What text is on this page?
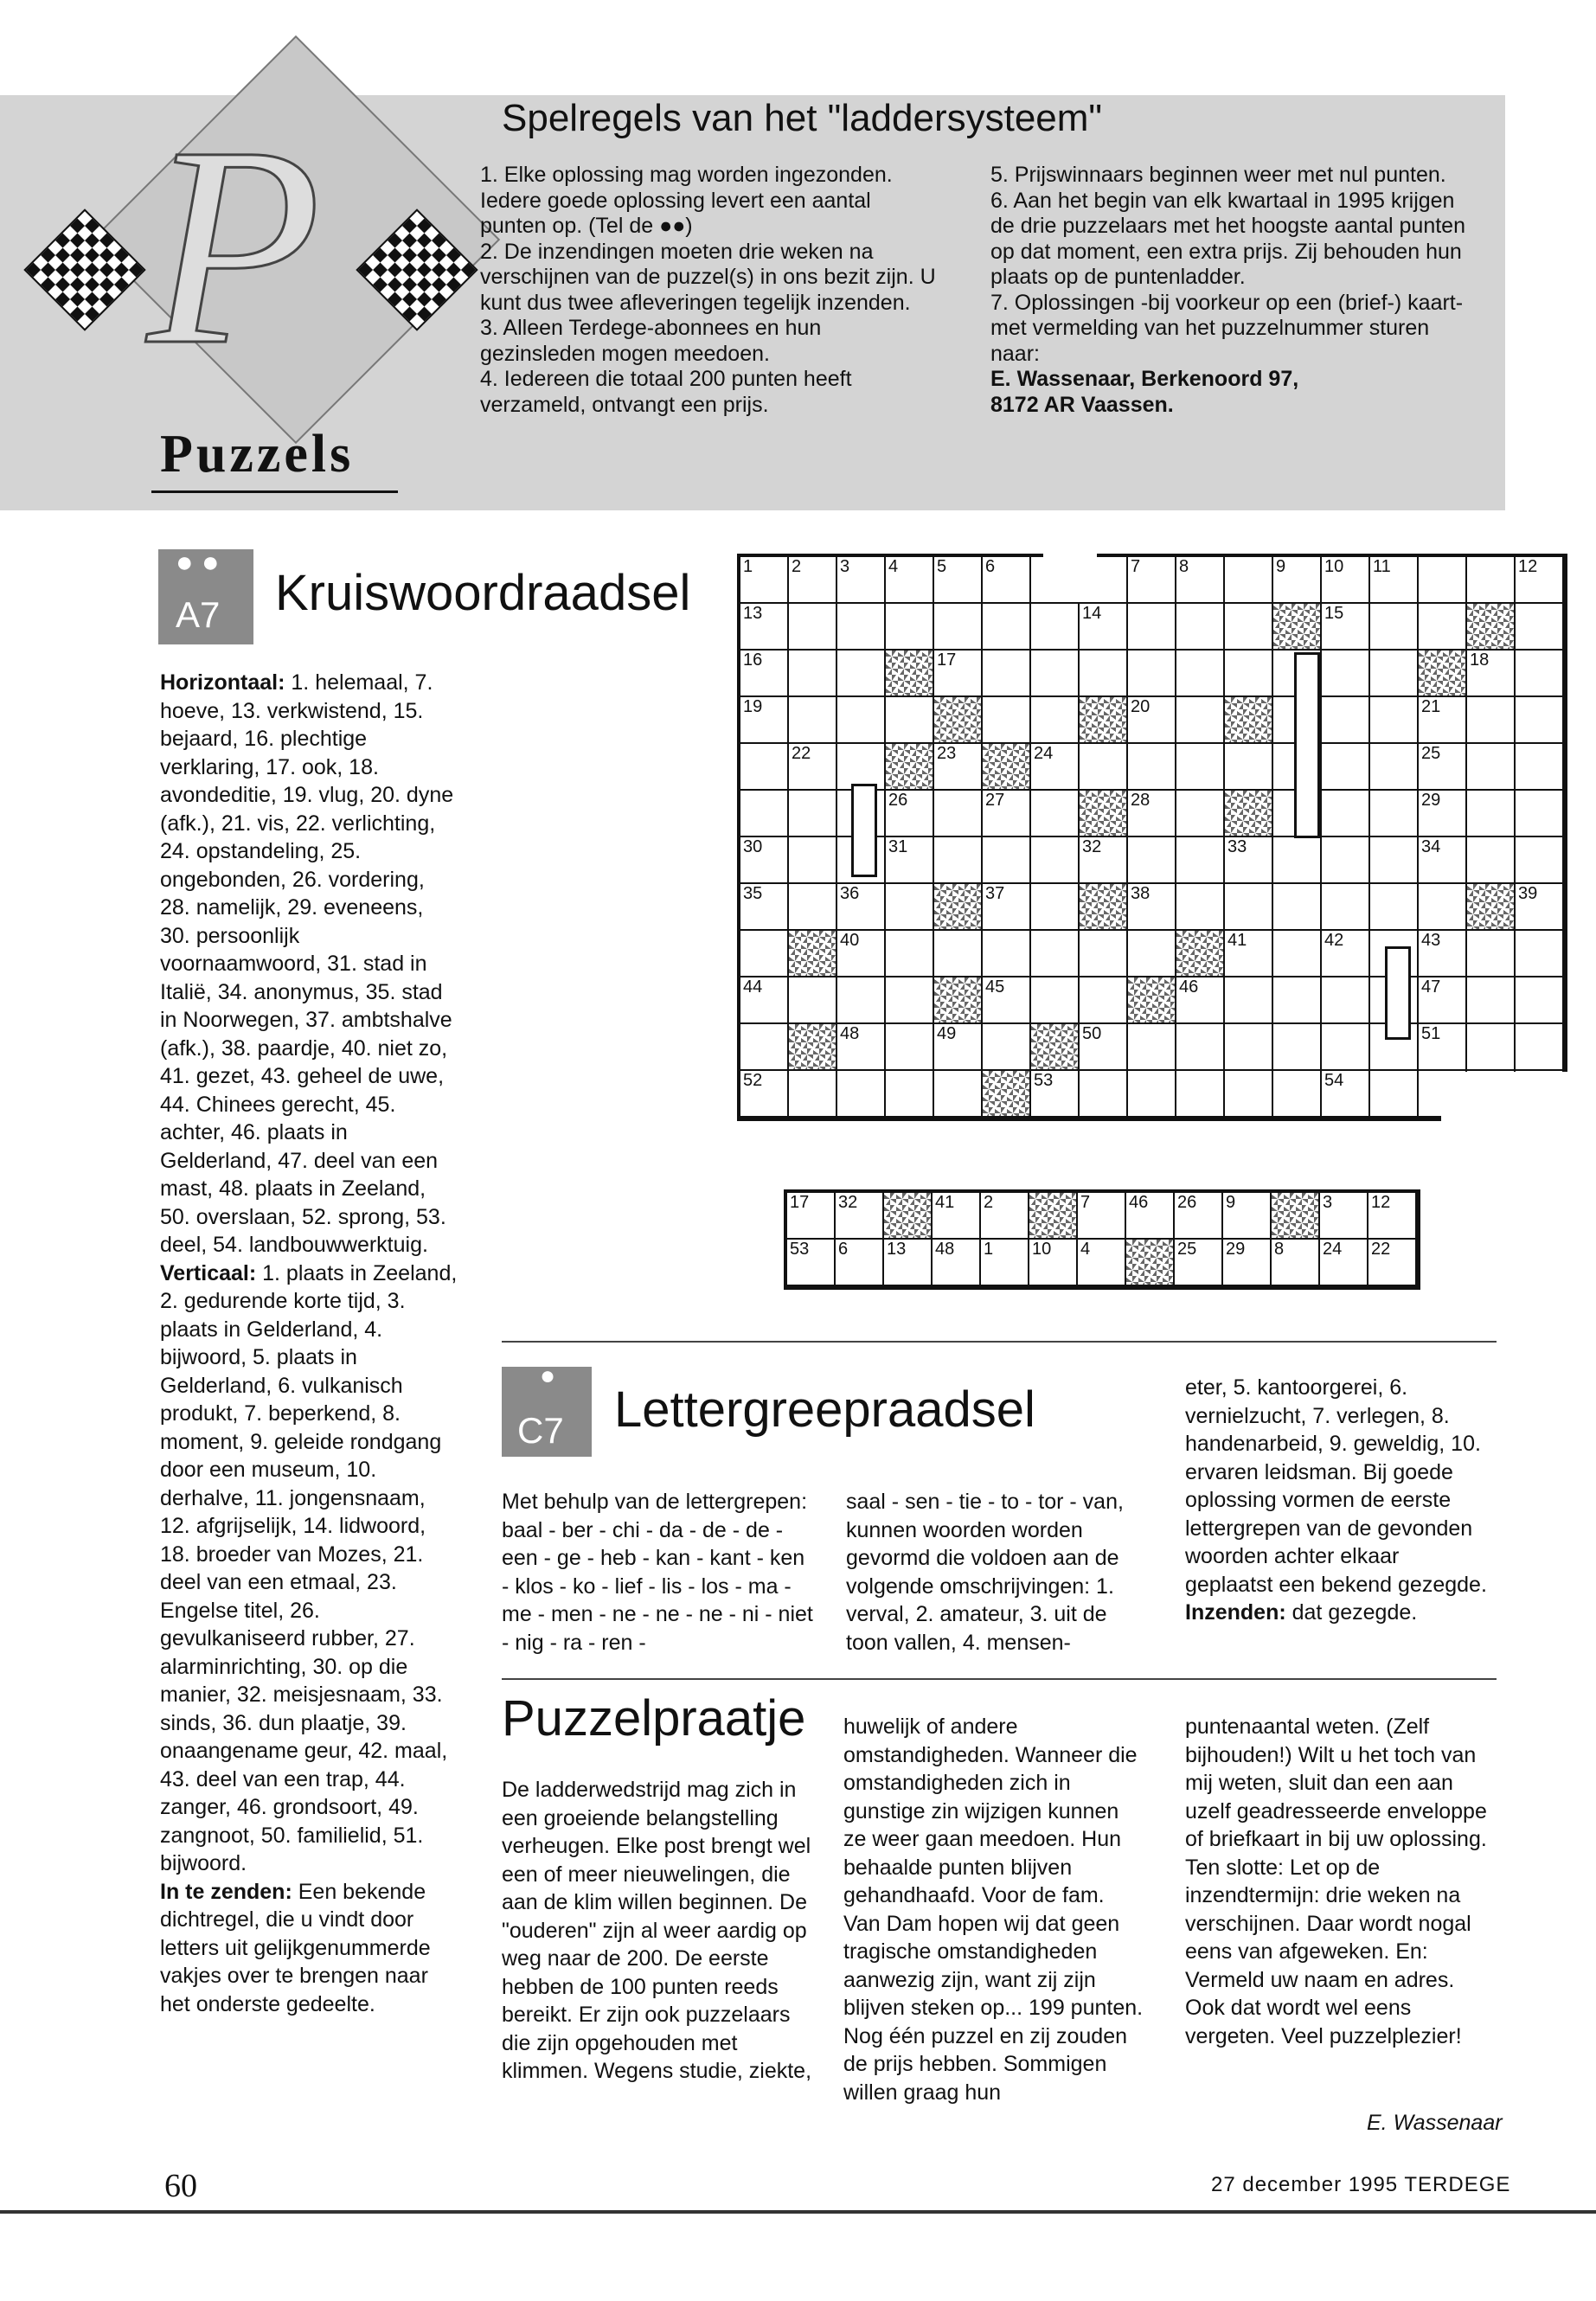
P
Puzzels
Spelregels van het "laddersysteem"

1. Elke oplossing mag worden ingezonden. Iedere goede oplossing levert een aantal punten op. (Tel de ●●)

2. De inzendingen moeten drie weken na verschijnen van de puzzel(s) in ons bezit zijn. U kunt dus twee afleveringen tegelijk inzenden.

3. Alleen Terdege-abonnees en hun gezinsleden mogen meedoen.

4. Iedereen die totaal 200 punten heeft verzameld, ontvangt een prijs.

5. Prijswinnaars beginnen weer met nul punten.

6. Aan het begin van elk kwartaal in 1995 krijgen de drie puzzelaars met het hoogste aantal punten op dat moment, een extra prijs. Zij behouden hun plaats op de puntenladder.

7. Oplossingen -bij voorkeur op een (brief-) kaart- met vermelding van het puzzelnummer sturen naar:

E. Wassenaar, Berkenoord 97,

8172 AR Vaassen.

● ●
A7 Kruiswoordraadsel

Horizontaal: 1. helemaal, 7. hoeve, 13. verkwistend, 15. bejaard, 16. plechtige verklaring, 17. ook, 18. avondeditie, 19. vlug, 20. dyne (afk.), 21. vis, 22. verlichting, 24. opstandeling, 25. ongebonden, 26. vordering, 28. namelijk, 29. eveneens, 30. persoonlijk voornaamwoord, 31. stad in Italië, 34. anonymus, 35. stad in Noorwegen, 37. ambtshalve (afk.), 38. paardje, 40. niet zo, 41. gezet, 43. geheel de uwe, 44. Chinees gerecht, 45. achter, 46. plaats in Gelderland, 47. deel van een mast, 48. plaats in Zeeland, 50. overslaan, 52. sprong, 53. deel, 54. landbouwwerktuig.

Verticaal: 1. plaats in Zeeland, 2. gedurende korte tijd, 3. plaats in Gelderland, 4. bijwoord, 5. plaats in Gelderland, 6. vulkanisch produkt, 7. beperkend, 8. moment, 9. geleide rondgang door een museum, 10. derhalve, 11. jongensnaam, 12. afgrijselijk, 14. lidwoord, 18. broeder van Mozes, 21. deel van een etmaal, 23. Engelse titel, 26. gevulkaniseerd rubber, 27. alarminrichting, 30. op die manier, 32. meisjesnaam, 33. sinds, 36. dun plaatje, 39. onaangename geur, 42. maal, 43. deel van een trap, 44. zanger, 46. grondsoort, 49. zangnoot, 50. familielid, 51. bijwoord.

In te zenden: Een bekende dichtregel, die u vindt door letters uit gelijkgenummerde vakjes over te brengen naar het onderste gedeelte.

1 2 3 4 5 6	7 8	9 10 11	12
13	14	15
16	17	18
19	20	21
22	23	24	25
26	27	28	29
30	31	32	33	34
35	36	37	38	39
40	41	42	43
44	45	46	47
48	49	50	51
52	53	54
17 32	41 2	7 46 26 9	3 12
53 6 13 48 1 10 4	25 29 8 24 22
●
C7 Lettergreepraadsel
Met behulp van de lettergrepen: baal - ber - chi - da - de - de - een - ge - heb - kan - kant - ken - klos - ko - lief - lis - los - ma - me - men - ne - ne - ne - ni - niet - nig - ra - ren -
saal - sen - tie - to - tor - van, kunnen woorden worden gevormd die voldoen aan de volgende omschrijvingen: 1. verval, 2. amateur, 3. uit de toon vallen, 4. mensen-
eter, 5. kantoorgerei, 6. vernielzucht, 7. verlegen, 8. handenarbeid, 9. geweldig, 10. ervaren leidsman. Bij goede oplossing vormen de eerste lettergrepen van de gevonden woorden achter elkaar geplaatst een bekend gezegde. Inzenden: dat gezegde.
Puzzelpraatje
De ladderwedstrijd mag zich in een groeiende belangstelling verheugen. Elke post brengt wel een of meer nieuwelingen, die aan de klim willen beginnen. De "ouderen" zijn al weer aardig op weg naar de 200. De eerste hebben de 100 punten reeds bereikt. Er zijn ook puzzelaars die zijn opgehouden met klimmen. Wegens studie, ziekte,
huwelijk of andere omstandigheden. Wanneer die omstandigheden zich in gunstige zin wijzigen kunnen ze weer gaan meedoen. Hun behaalde punten blijven gehandhaafd. Voor de fam. Van Dam hopen wij dat geen tragische omstandigheden aanwezig zijn, want zij zijn blijven steken op... 199 punten. Nog één puzzel en zij zouden de prijs hebben. Sommigen willen graag hun
puntenaantal weten. (Zelf bijhouden!) Wilt u het toch van mij weten, sluit dan een aan uzelf geadresseerde enveloppe of briefkaart in bij uw oplossing. Ten slotte: Let op de inzendtermijn: drie weken na verschijnen. Daar wordt nogal eens van afgeweken. En: Vermeld uw naam en adres. Ook dat wordt wel eens vergeten. Veel puzzelplezier!
E. Wassenaar
60	27 december 1995 TERDEGE
